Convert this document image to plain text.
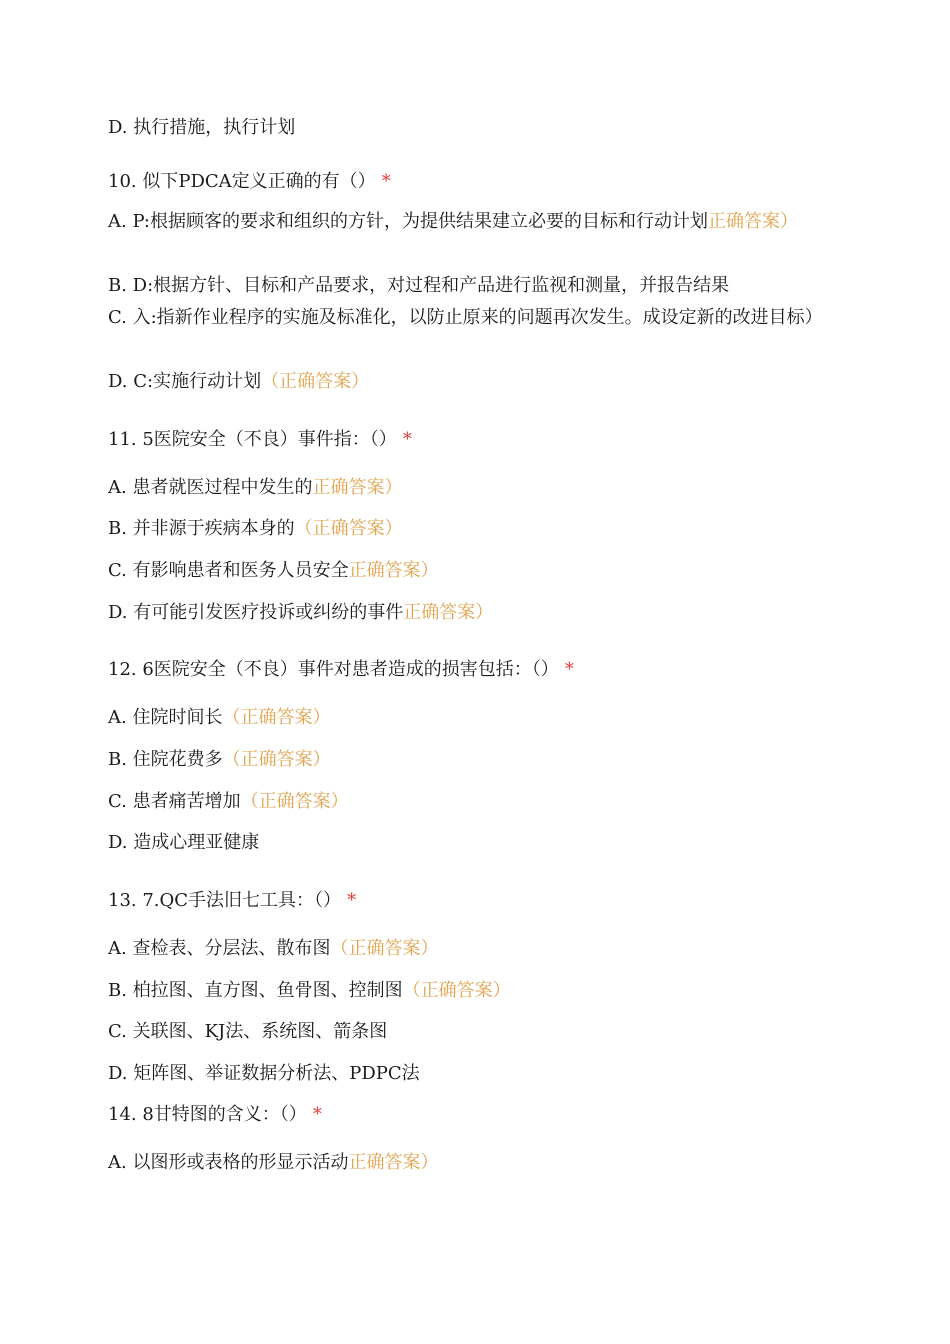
D. 执行措施，执行计划
10. 似下PDCA定义正确的有（） *
A. P:根据顾客的要求和组织的方针，为提供结果建立必要的目标和行动计划正确答案）
B. D:根据方针、目标和产品要求，对过程和产品进行监视和测量，并报告结果
C. 入:指新作业程序的实施及标准化，以防止原来的问题再次发生。成设定新的改进目标）
D. C:实施行动计划（正确答案）
11. 5医院安全（不良）事件指：（） *
A. 患者就医过程中发生的正确答案）
B. 并非源于疾病本身的（正确答案）
C. 有影响患者和医务人员安全正确答案）
D. 有可能引发医疗投诉或纠纷的事件正确答案）
12. 6医院安全（不良）事件对患者造成的损害包括：（） *
A. 住院时间长（正确答案）
B. 住院花费多（正确答案）
C. 患者痛苦增加（正确答案）
D. 造成心理亚健康
13. 7.QC手法旧七工具：（） *
A. 查检表、分层法、散布图（正确答案）
B. 柏拉图、直方图、鱼骨图、控制图（正确答案）
C. 关联图、KJ法、系统图、箭条图
D. 矩阵图、举证数据分析法、PDPC法
14. 8甘特图的含义：（） *
A. 以图形或表格的形显示活动正确答案）
